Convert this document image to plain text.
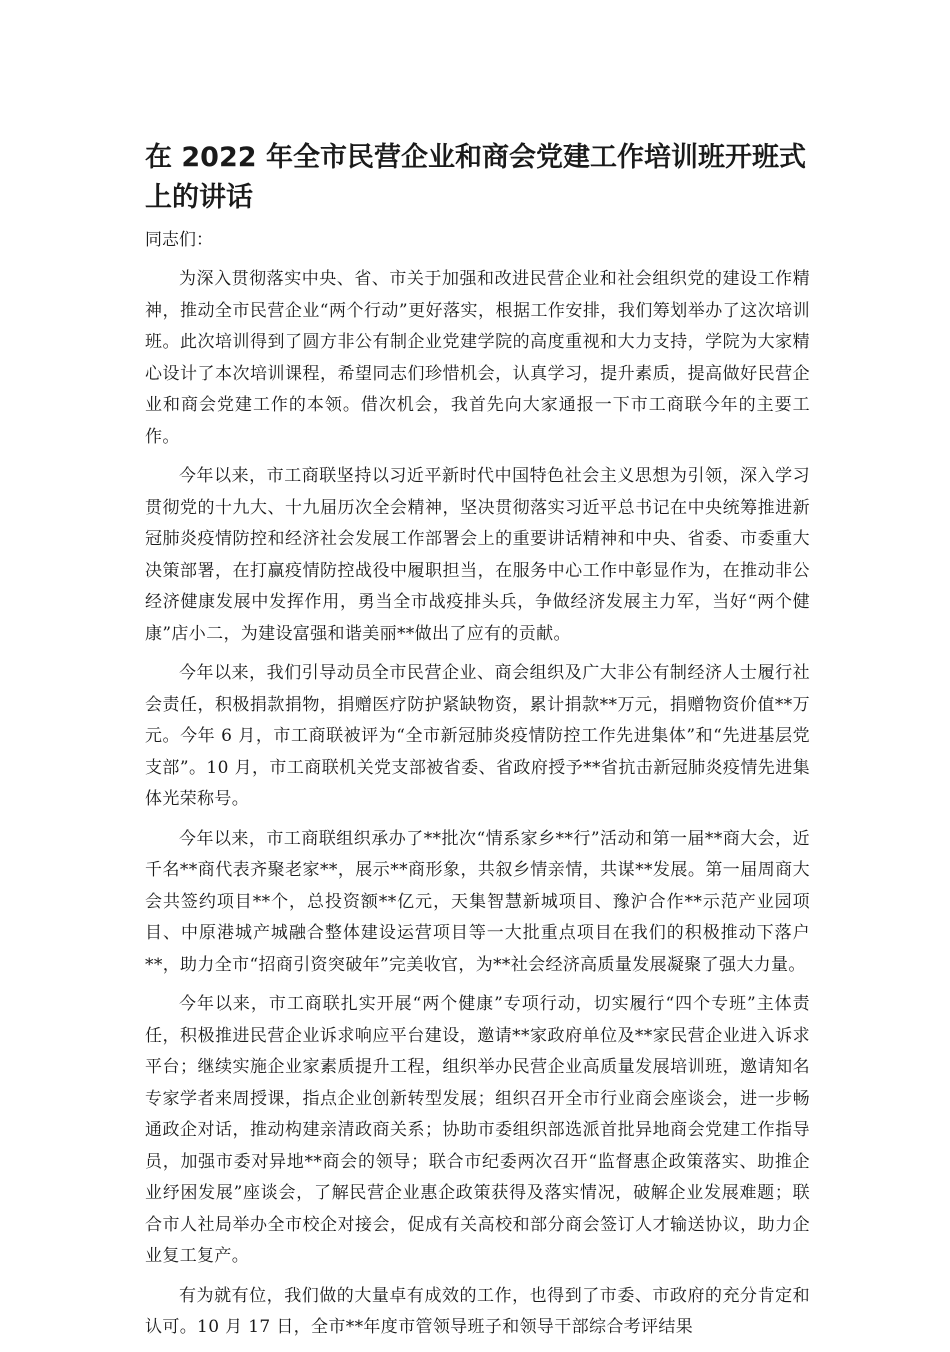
在 2022 年全市民营企业和商会党建工作培训班开班式上的讲话

同志们：

为深入贯彻落实中央、省、市关于加强和改进民营企业和社会组织党的建设工作精神，推动全市民营企业“两个行动”更好落实，根据工作安排，我们筹划举办了这次培训班。此次培训得到了圆方非公有制企业党建学院的高度重视和大力支持，学院为大家精心设计了本次培训课程，希望同志们珍惜机会，认真学习，提升素质，提高做好民营企业和商会党建工作的本领。借次机会，我首先向大家通报一下市工商联今年的主要工作。

今年以来，市工商联坚持以习近平新时代中国特色社会主义思想为引领，深入学习贯彻党的十九大、十九届历次全会精神，坚决贯彻落实习近平总书记在中央统筹推进新冠肺炎疫情防控和经济社会发展工作部署会上的重要讲话精神和中央、省委、市委重大决策部署，在打赢疫情防控战役中履职担当，在服务中心工作中彰显作为，在推动非公经济健康发展中发挥作用，勇当全市战疫排头兵，争做经济发展主力军，当好“两个健康”店小二，为建设富强和谐美丽**做出了应有的贡献。

今年以来，我们引导动员全市民营企业、商会组织及广大非公有制经济人士履行社会责任，积极捐款捐物，捐赠医疗防护紧缺物资，累计捐款**万元，捐赠物资价值**万元。今年 6 月，市工商联被评为“全市新冠肺炎疫情防控工作先进集体”和“先进基层党支部”。10 月，市工商联机关党支部被省委、省政府授予**省抗击新冠肺炎疫情先进集体光荣称号。

今年以来，市工商联组织承办了**批次“情系家乡**行”活动和第一届**商大会，近千名**商代表齐聚老家**，展示**商形象，共叙乡情亲情，共谋**发展。第一届周商大会共签约项目**个，总投资额**亿元，天集智慧新城项目、豫沪合作**示范产业园项目、中原港城产城融合整体建设运营项目等一大批重点项目在我们的积极推动下落户**，助力全市“招商引资突破年”完美收官，为**社会经济高质量发展凝聚了强大力量。

今年以来，市工商联扎实开展“两个健康”专项行动，切实履行“四个专班”主体责任，积极推进民营企业诉求响应平台建设，邀请**家政府单位及**家民营企业进入诉求平台；继续实施企业家素质提升工程，组织举办民营企业高质量发展培训班，邀请知名专家学者来周授课，指点企业创新转型发展；组织召开全市行业商会座谈会，进一步畅通政企对话，推动构建亲清政商关系；协助市委组织部选派首批异地商会党建工作指导员，加强市委对异地**商会的领导；联合市纪委两次召开“监督惠企政策落实、助推企业纾困发展”座谈会，了解民营企业惠企政策获得及落实情况，破解企业发展难题；联合市人社局举办全市校企对接会，促成有关高校和部分商会签订人才输送协议，助力企业复工复产。

有为就有位，我们做的大量卓有成效的工作，也得到了市委、市政府的充分肯定和认可。10 月 17 日，全市**年度市管领导班子和领导干部综合考评结果
